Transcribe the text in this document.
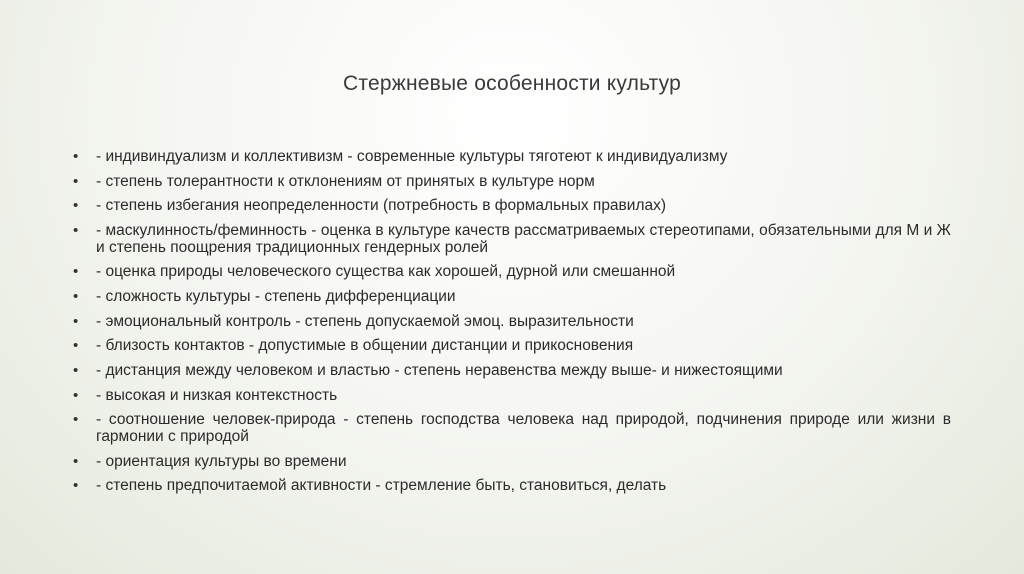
Стержневые особенности культур
• - индивиндуализм и коллективизм - современные культуры тяготеют к индивидуализму
• - степень толерантности к отклонениям от принятых в культуре норм
• - степень избегания неопределенности (потребность в формальных правилах)
• - маскулинность/феминность - оценка в культуре качеств рассматриваемых стереотипами, обязательными для М и Ж и степень поощрения традиционных гендерных ролей
• - оценка природы человеческого существа как хорошей, дурной или смешанной
• - сложность культуры - степень дифференциации
• - эмоциональный контроль - степень допускаемой эмоц. выразительности
• - близость контактов - допустимые в общении дистанции и прикосновения
• - дистанция между человеком и властью - степень неравенства между выше- и нижестоящими
• - высокая и низкая контекстность
• - соотношение человек-природа - степень господства человека над природой, подчинения природе или жизни в гармонии с природой
• - ориентация культуры во времени
• - степень предпочитаемой активности - стремление быть, становиться, делать
